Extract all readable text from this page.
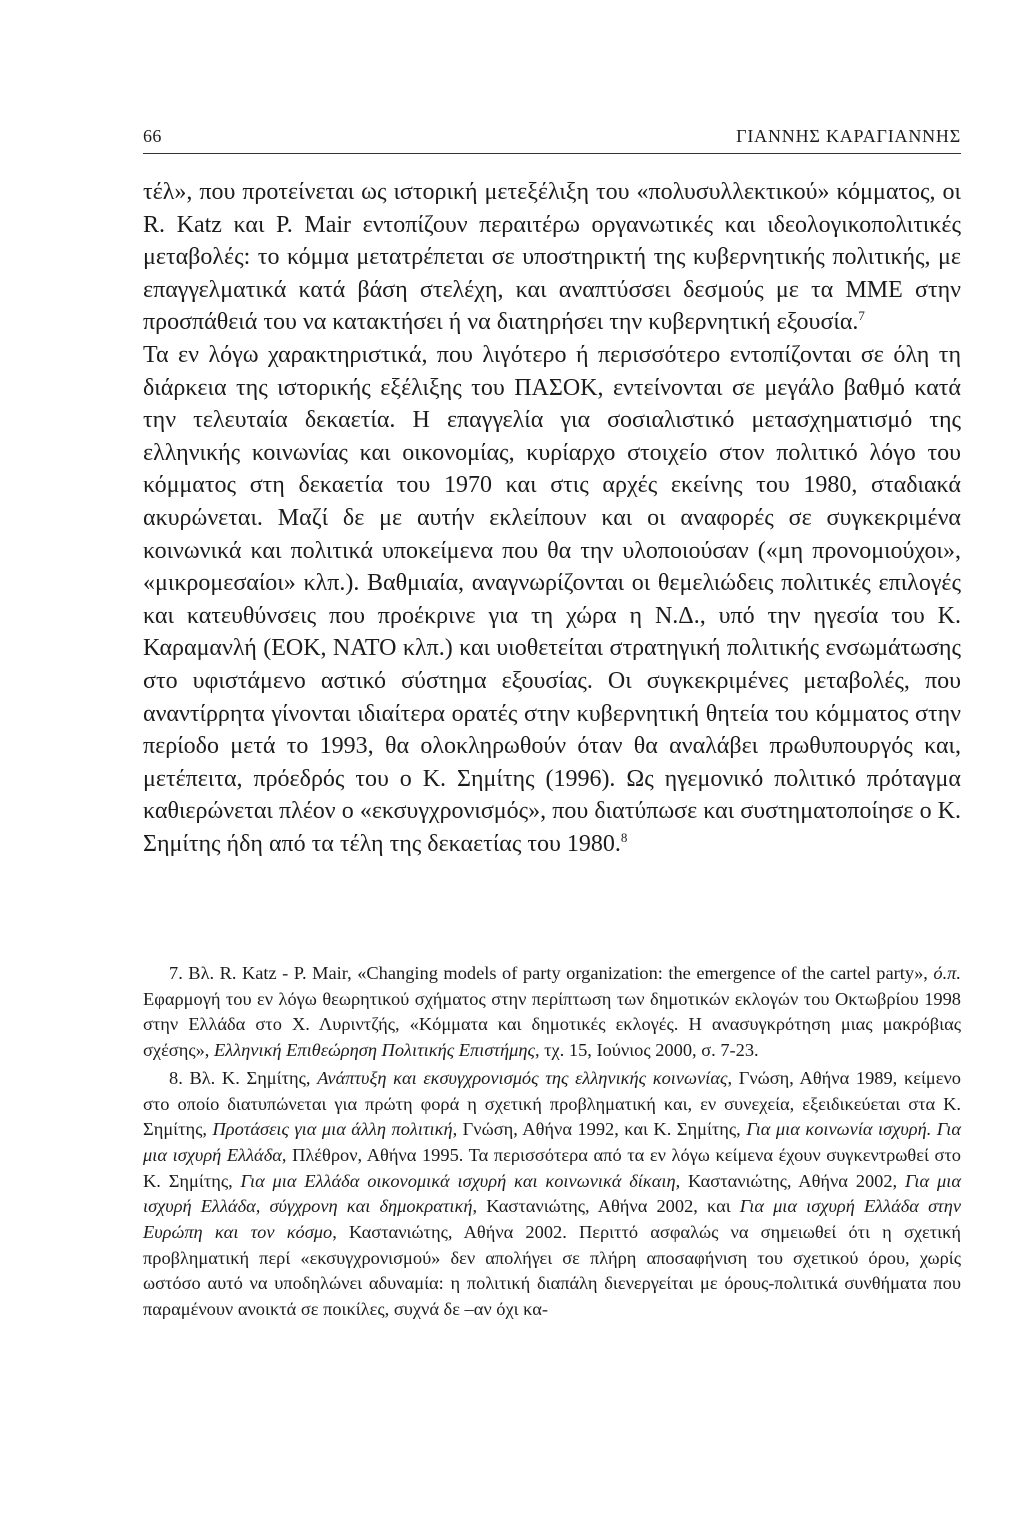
66	ΓΙΑΝΝΗΣ ΚΑΡΑΓΙΑΝΝΗΣ

τέλ», που προτείνεται ως ιστορική μετεξέλιξη του «πολυσυλλεκτικού» κόμματος, οι R. Katz και P. Mair εντοπίζουν περαιτέρω οργανωτικές και ιδεολογικοπολιτικές μεταβολές: το κόμμα μετατρέπεται σε υποστηρικτή της κυβερνητικής πολιτικής, με επαγγελματικά κατά βάση στελέχη, και αναπτύσσει δεσμούς με τα ΜΜΕ στην προσπάθειά του να κατακτήσει ή να διατηρήσει την κυβερνητική εξουσία.$^7$

Τα εν λόγω χαρακτηριστικά, που λιγότερο ή περισσότερο εντοπίζονται σε όλη τη διάρκεια της ιστορικής εξέλιξης του ΠΑΣΟΚ, εντείνονται σε μεγάλο βαθμό κατά την τελευταία δεκαετία. Η επαγγελία για σοσιαλιστικό μετασχηματισμό της ελληνικής κοινωνίας και οικονομίας, κυρίαρχο στοιχείο στον πολιτικό λόγο του κόμματος στη δεκαετία του 1970 και στις αρχές εκείνης του 1980, σταδιακά ακυρώνεται. Μαζί δε με αυτήν εκλείπουν και οι αναφορές σε συγκεκριμένα κοινωνικά και πολιτικά υποκείμενα που θα την υλοποιούσαν («μη προνομιούχοι», «μικρομεσαίοι» κλπ.). Βαθμιαία, αναγνωρίζονται οι θεμελιώδεις πολιτικές επιλογές και κατευθύνσεις που προέκρινε για τη χώρα η Ν.Δ., υπό την ηγεσία του Κ. Καραμανλή (ΕΟΚ, ΝΑΤΟ κλπ.) και υιοθετείται στρατηγική πολιτικής ενσωμάτωσης στο υφιστάμενο αστικό σύστημα εξουσίας. Οι συγκεκριμένες μεταβολές, που αναντίρρητα γίνονται ιδιαίτερα ορατές στην κυβερνητική θητεία του κόμματος στην περίοδο μετά το 1993, θα ολοκληρωθούν όταν θα αναλάβει πρωθυπουργός και, μετέπειτα, πρόεδρός του ο Κ. Σημίτης (1996). Ως ηγεμονικό πολιτικό πρόταγμα καθιερώνεται πλέον ο «εκσυγχρονισμός», που διατύπωσε και συστηματοποίησε ο Κ. Σημίτης ήδη από τα τέλη της δεκαετίας του 1980.$^8$

7. Βλ. R. Katz - P. Mair, «Changing models of party organization: the emergence of the cartel party», ό.π. Εφαρμογή του εν λόγω θεωρητικού σχήματος στην περίπτωση των δημοτικών εκλογών του Οκτωβρίου 1998 στην Ελλάδα στο Χ. Λυριντζής, «Κόμματα και δημοτικές εκλογές. Η ανασυγκρότηση μιας μακρόβιας σχέσης», Ελληνική Επιθεώρηση Πολιτικής Επιστήμης, τχ. 15, Ιούνιος 2000, σ. 7-23.

8. Βλ. Κ. Σημίτης, Ανάπτυξη και εκσυγχρονισμός της ελληνικής κοινωνίας, Γνώση, Αθήνα 1989, κείμενο στο οποίο διατυπώνεται για πρώτη φορά η σχετική προβληματική και, εν συνεχεία, εξειδικεύεται στα Κ. Σημίτης, Προτάσεις για μια άλλη πολιτική, Γνώση, Αθήνα 1992, και Κ. Σημίτης, Για μια κοινωνία ισχυρή. Για μια ισχυρή Ελλάδα, Πλέθρον, Αθήνα 1995. Τα περισσότερα από τα εν λόγω κείμενα έχουν συγκεντρωθεί στο Κ. Σημίτης, Για μια Ελλάδα οικονομικά ισχυρή και κοινωνικά δίκαιη, Καστανιώτης, Αθήνα 2002, Για μια ισχυρή Ελλάδα, σύγχρονη και δημοκρατική, Καστανιώτης, Αθήνα 2002, και Για μια ισχυρή Ελλάδα στην Ευρώπη και τον κόσμο, Καστανιώτης, Αθήνα 2002. Περιττό ασφαλώς να σημειωθεί ότι η σχετική προβληματική περί «εκσυγχρονισμού» δεν απολήγει σε πλήρη αποσαφήνιση του σχετικού όρου, χωρίς ωστόσο αυτό να υποδηλώνει αδυναμία: η πολιτική διαπάλη διενεργείται με όρους-πολιτικά συνθήματα που παραμένουν ανοικτά σε ποικίλες, συχνά δε –αν όχι κα-
